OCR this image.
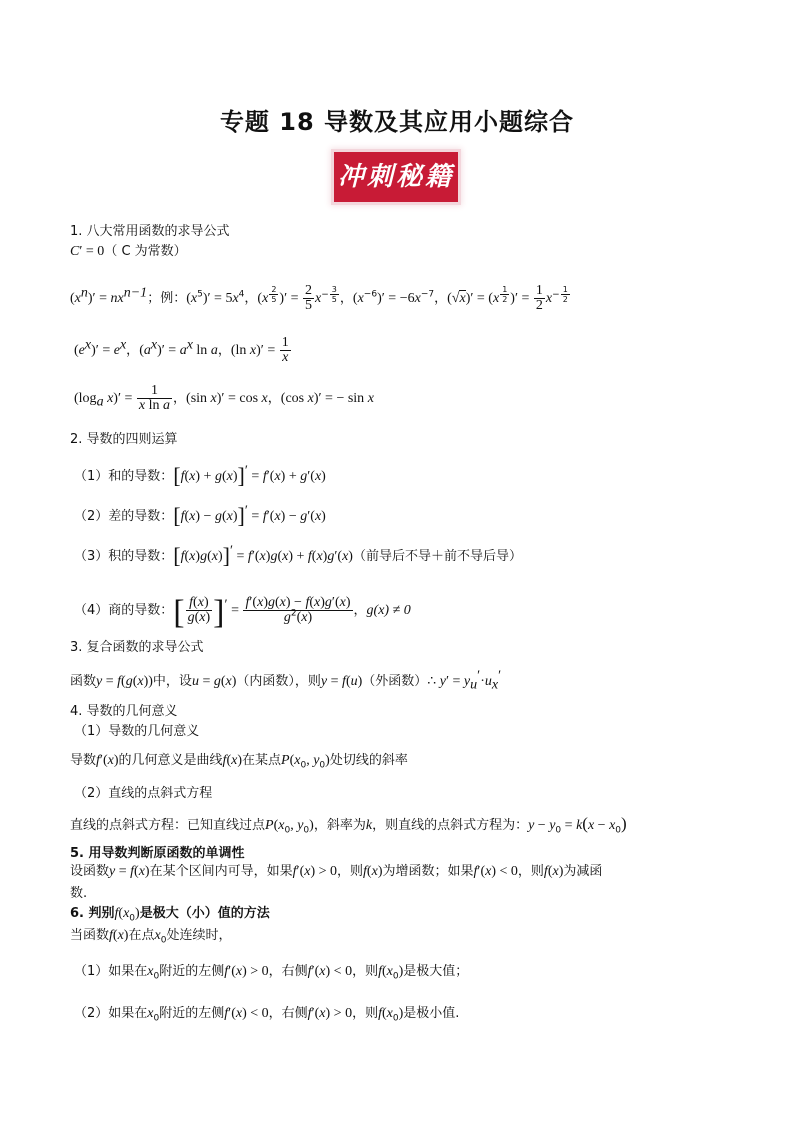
专题 18 导数及其应用小题综合
冲刺秘籍
1. 八大常用函数的求导公式
C′ = 0（ C 为常数）
$(x^n)' = nx^{n-1}$；例：$(x^5)' = 5x^4$，(x $^{\frac{2}{5}}$ )′ = $\frac{2}{5} x^{- \frac{3}{5}}$ ，$(x^{-6})' = -6x^{-7}$，(√x)′ = (x $^{\frac{1}{2}}$ )′ = $\frac{1}{2} x^{- \frac{1}{2}}$
$(e^x)' = e^x$，$(a^x)' = a^x$ ln a，(ln $x)' = \frac{1}{x}$
($\log_a$ $x)' = \frac{1}{\text{x ln a}}$ ，(sin x)′ = cos x，(cos x)′ = − sin x
2. 导数的四则运算
（1）和的导数：[f(x) + g(x)]′ = f′(x) + g′(x)
（2）差的导数：[f(x) − g(x)]′ = f′(x) − g′(x)
（3）积的导数：[f(x)g(x)]′ = f′(x)g(x) + f(x)g′(x)（前导后不导＋前不导后导）
（4）商的导数：[ $\frac{f(x)}{g(x)} ]' = \frac{f'(x)g(x) - f(x)g'(x)}{g^2(x)}$ ，g(x) ≠ 0
3. 复合函数的求导公式
函数y = f(g(x))中，设u = g(x)（内函数），则y = f(u)（外函数）∴ $y' = y_u'\cdot u_x'$
4. 导数的几何意义
（1）导数的几何意义
导数f′(x)的几何意义是曲线f(x)在某点$P(x_0$, $y_0$)处切线的斜率
（2）直线的点斜式方程
直线的点斜式方程：已知直线过点$P(x_0$, $y_0$)，斜率为k，则直线的点斜式方程为：$y - y_0 = k(x - x_0)$
5. 用导数判断原函数的单调性
设函数y = f(x)在某个区间内可导，如果f′(x) > 0，则f(x)为增函数；如果f′(x) < 0，则f(x)为减函
数.
6. 判别$f(x_0)$是极大（小）值的方法
当函数f(x)在点$x_0$处连续时，
（1）如果在$x_0$附近的左侧f′(x) > 0，右侧f′(x) < 0，则$f(x_0)$是极大值；
（2）如果在$x_0$附近的左侧f′(x) < 0，右侧f′(x) > 0，则$f(x_0)$是极小值.
